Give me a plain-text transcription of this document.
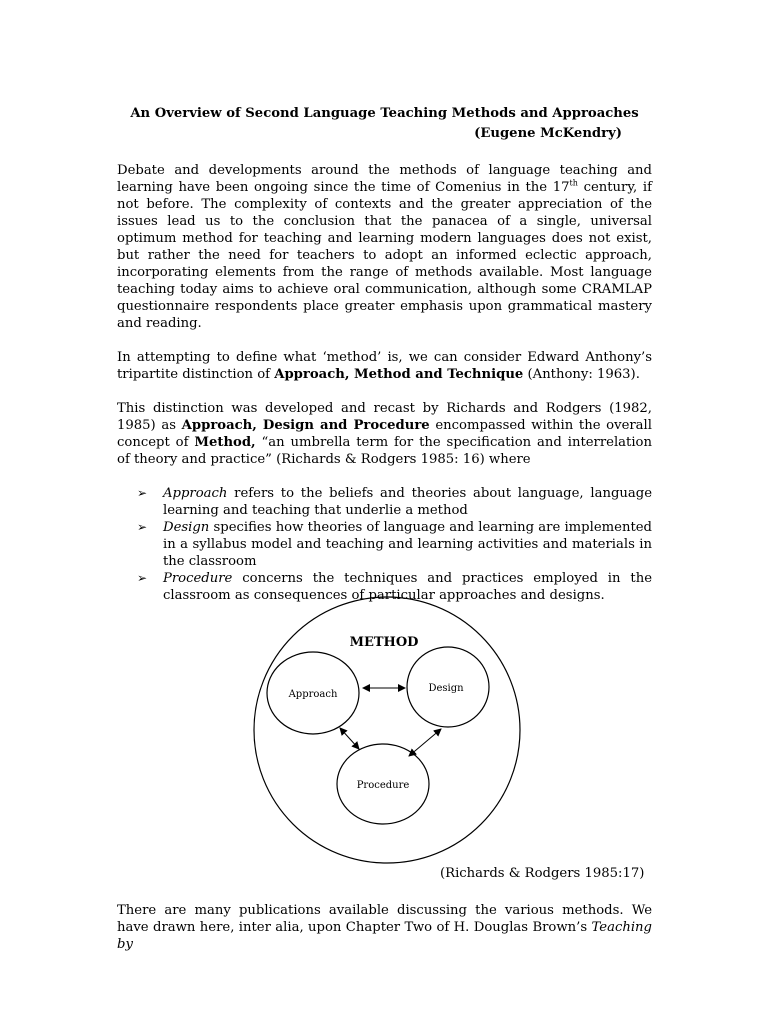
An Overview of Second Language Teaching Methods and Approaches
(Eugene McKendry)

Debate and developments around the methods of language teaching and learning have been ongoing since the time of Comenius in the 17th century, if not before. The complexity of contexts and the greater appreciation of the issues lead us to the conclusion that the panacea of a single, universal optimum method for teaching and learning modern languages does not exist, but rather the need for teachers to adopt an informed eclectic approach, incorporating elements from the range of methods available. Most language teaching today aims to achieve oral communication, although some CRAMLAP questionnaire respondents place greater emphasis upon grammatical mastery and reading.

In attempting to define what ‘method’ is, we can consider Edward Anthony’s tripartite distinction of Approach, Method and Technique (Anthony: 1963).

This distinction was developed and recast by Richards and Rodgers (1982, 1985) as Approach, Design and Procedure encompassed within the overall concept of Method, “an umbrella term for the specification and interrelation of theory and practice” (Richards & Rodgers 1985: 16) where

➢ Approach refers to the beliefs and theories about language, language learning and teaching that underlie a method
➢ Design specifies how theories of language and learning are implemented in a syllabus model and teaching and learning activities and materials in the classroom
➢ Procedure concerns the techniques and practices employed in the classroom as consequences of particular approaches and designs.
METHOD
Approach
Design
Procedure
(Richards & Rodgers 1985:17)

There are many publications available discussing the various methods. We have drawn here, inter alia, upon Chapter Two of H. Douglas Brown’s Teaching by
